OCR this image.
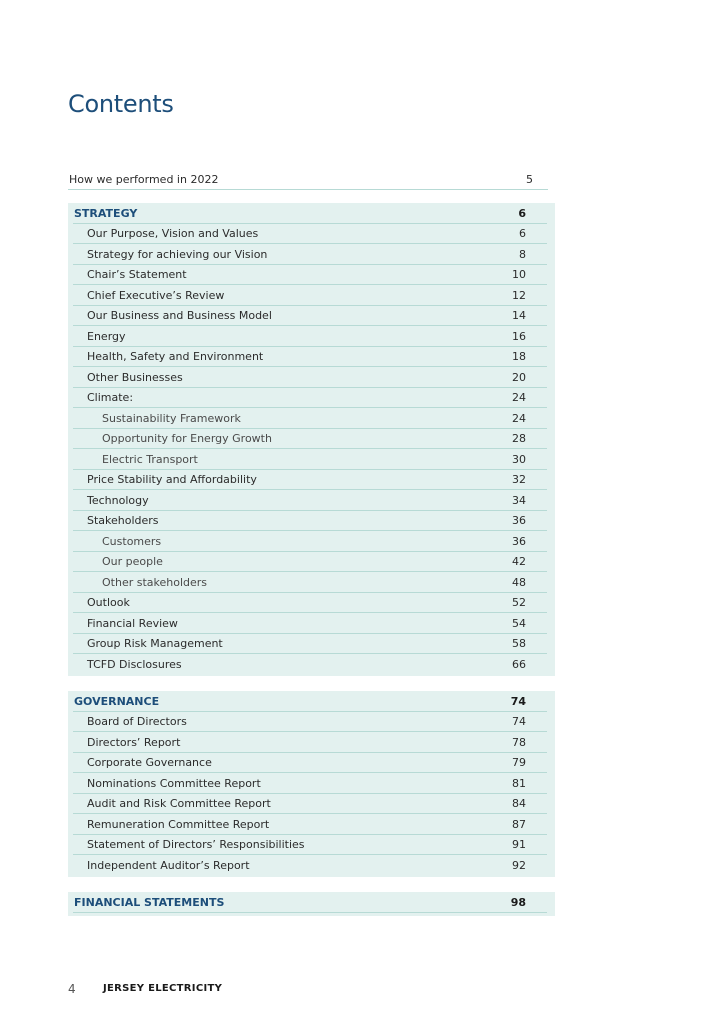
Contents
How we performed in 2022	5
STRATEGY	6
Our Purpose, Vision and Values	6
Strategy for achieving our Vision	8
Chair’s Statement	10
Chief Executive’s Review	12
Our Business and Business Model	14
Energy	16
Health, Safety and Environment	18
Other Businesses	20
Climate:	24
Sustainability Framework	24
Opportunity for Energy Growth	28
Electric Transport	30
Price Stability and Affordability	32
Technology	34
Stakeholders	36
Customers	36
Our people	42
Other stakeholders	48
Outlook	52
Financial Review	54
Group Risk Management	58
TCFD Disclosures	66
GOVERNANCE	74
Board of Directors	74
Directors’ Report	78
Corporate Governance	79
Nominations Committee Report	81
Audit and Risk Committee Report	84
Remuneration Committee Report	87
Statement of Directors’ Responsibilities	91
Independent Auditor’s Report	92
FINANCIAL STATEMENTS	98
4	JERSEY ELECTRICITY
